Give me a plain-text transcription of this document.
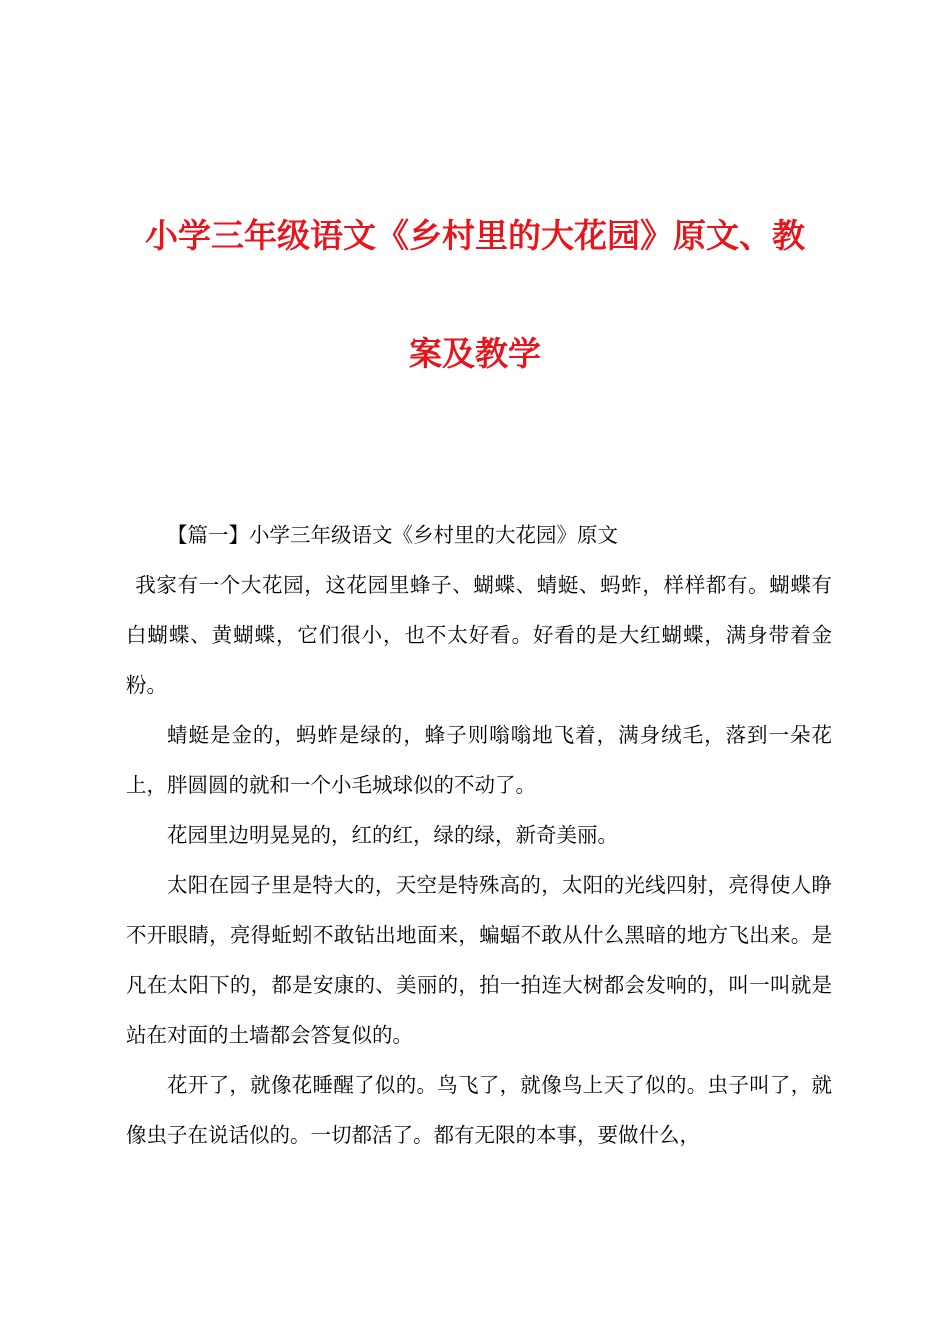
小学三年级语文《乡村里的大花园》原文、教
案及教学

【篇一】小学三年级语文《乡村里的大花园》原文

我家有一个大花园，这花园里蜂子、蝴蝶、蜻蜓、蚂蚱，样样都有。蝴蝶有白蝴蝶、黄蝴蝶，它们很小，也不太好看。好看的是大红蝴蝶，满身带着金粉。

蜻蜓是金的，蚂蚱是绿的，蜂子则嗡嗡地飞着，满身绒毛，落到一朵花上，胖圆圆的就和一个小毛城球似的不动了。

花园里边明晃晃的，红的红，绿的绿，新奇美丽。

太阳在园子里是特大的，天空是特殊高的，太阳的光线四射，亮得使人睁不开眼睛，亮得蚯蚓不敢钻出地面来，蝙蝠不敢从什么黑暗的地方飞出来。是凡在太阳下的，都是安康的、美丽的，拍一拍连大树都会发响的，叫一叫就是站在对面的土墙都会答复似的。

花开了，就像花睡醒了似的。鸟飞了，就像鸟上天了似的。虫子叫了，就像虫子在说话似的。一切都活了。都有无限的本事，要做什么，
